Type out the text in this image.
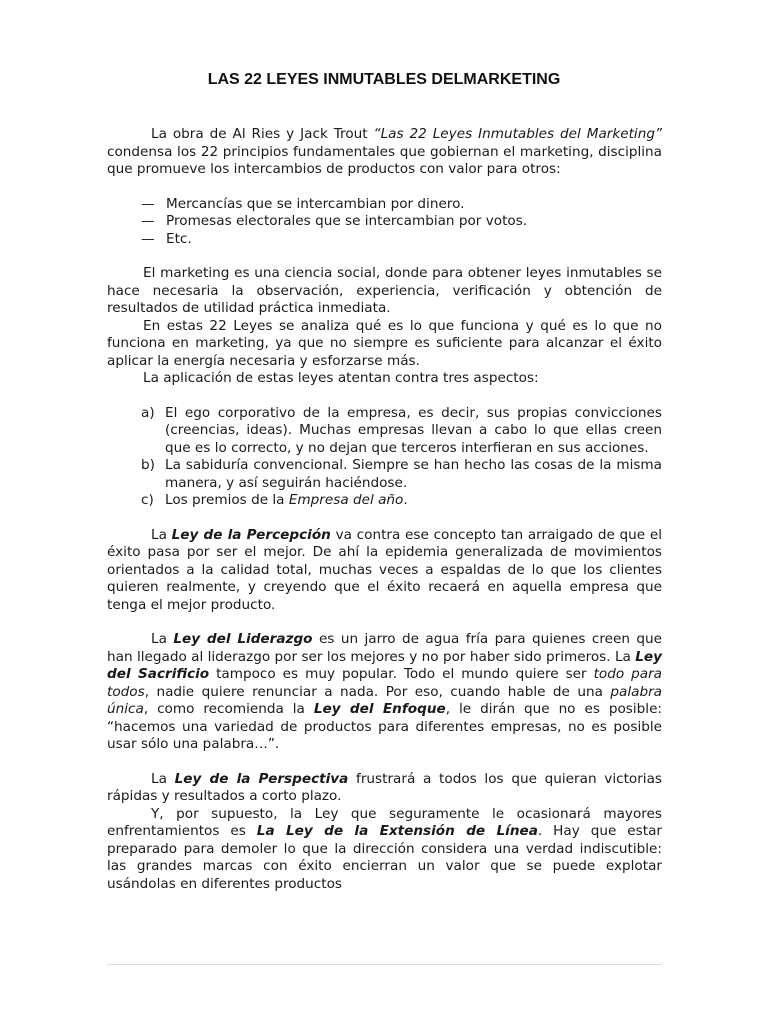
LAS 22 LEYES INMUTABLES DELMARKETING

La obra de Al Ries y Jack Trout “Las 22 Leyes Inmutables del Marketing” condensa los 22 principios fundamentales que gobiernan el marketing, disciplina que promueve los intercambios de productos con valor para otros:

— Mercancías que se intercambian por dinero.
— Promesas electorales que se intercambian por votos.
— Etc.

El marketing es una ciencia social, donde para obtener leyes inmutables se hace necesaria la observación, experiencia, verificación y obtención de resultados de utilidad práctica inmediata.

En estas 22 Leyes se analiza qué es lo que funciona y qué es lo que no funciona en marketing, ya que no siempre es suficiente para alcanzar el éxito aplicar la energía necesaria y esforzarse más.

La aplicación de estas leyes atentan contra tres aspectos:

a) El ego corporativo de la empresa, es decir, sus propias convicciones (creencias, ideas). Muchas empresas llevan a cabo lo que ellas creen que es lo correcto, y no dejan que terceros interfieran en sus acciones.
b) La sabiduría convencional. Siempre se han hecho las cosas de la misma manera, y así seguirán haciéndose.
c) Los premios de la Empresa del año.

La Ley de la Percepción va contra ese concepto tan arraigado de que el éxito pasa por ser el mejor. De ahí la epidemia generalizada de movimientos orientados a la calidad total, muchas veces a espaldas de lo que los clientes quieren realmente, y creyendo que el éxito recaerá en aquella empresa que tenga el mejor producto.

La Ley del Liderazgo es un jarro de agua fría para quienes creen que han llegado al liderazgo por ser los mejores y no por haber sido primeros. La Ley del Sacrificio tampoco es muy popular. Todo el mundo quiere ser todo para todos, nadie quiere renunciar a nada. Por eso, cuando hable de una palabra única, como recomienda la Ley del Enfoque, le dirán que no es posible: “hacemos una variedad de productos para diferentes empresas, no es posible usar sólo una palabra…”.

La Ley de la Perspectiva frustrará a todos los que quieran victorias rápidas y resultados a corto plazo.

Y, por supuesto, la Ley que seguramente le ocasionará mayores enfrentamientos es La Ley de la Extensión de Línea. Hay que estar preparado para demoler lo que la dirección considera una verdad indiscutible: las grandes marcas con éxito encierran un valor que se puede explotar usándolas en diferentes productos
